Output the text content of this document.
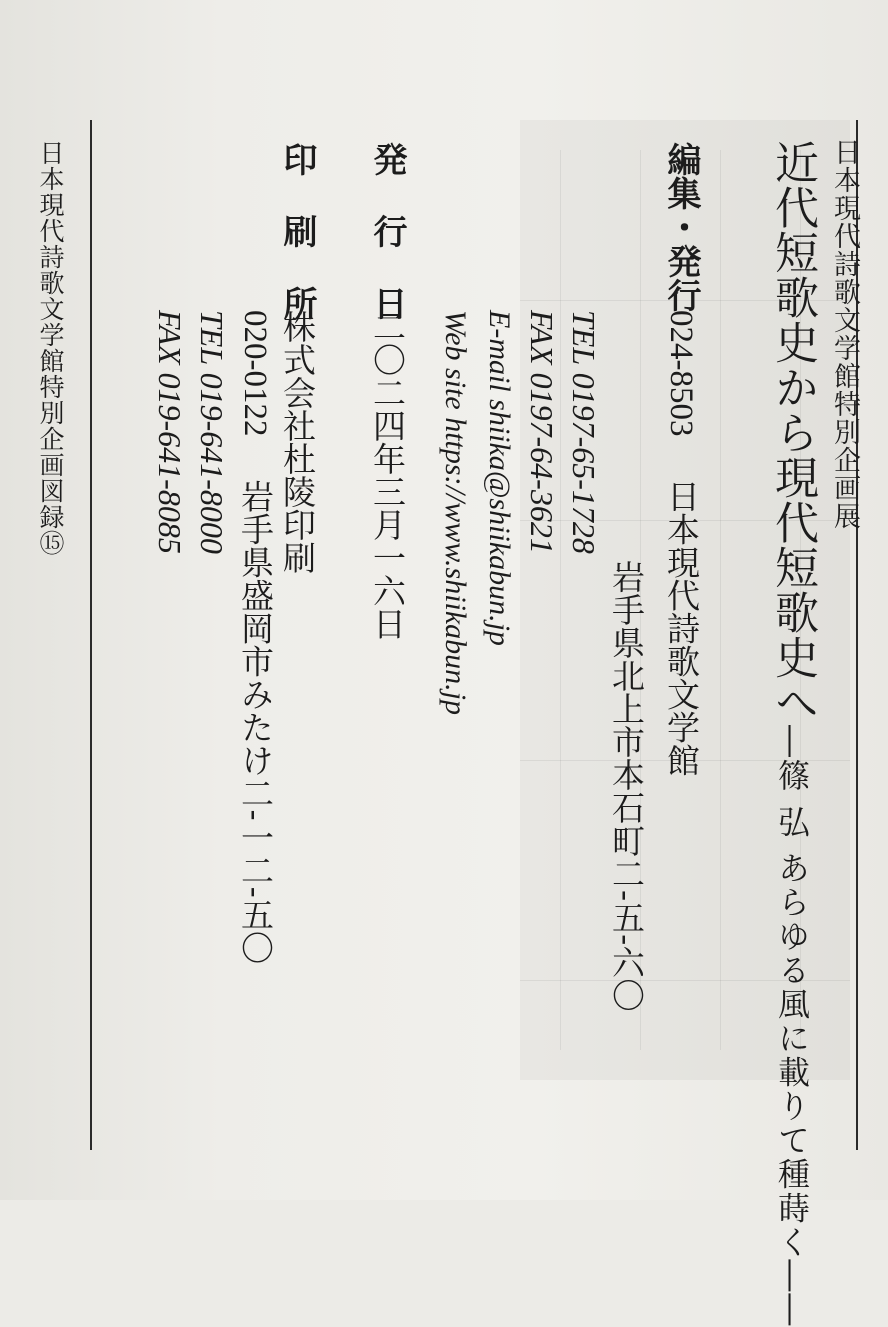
日本現代詩歌文学館特別企画展
近代短歌史から現代短歌史へ―篠 弘 あらゆる風に載りて種蒔く――
編集・発行
024-8503  日本現代詩歌文学館
岩手県北上市本石町二-五-六〇
TEL 0197-65-1728
FAX 0197-64-3621
E-mail shiika@shiikabun.jp
Web site https://www.shiikabun.jp
発行日
二〇二四年三月一六日
印刷所
株式会社杜陵印刷
020-0122  岩手県盛岡市みたけ二-一二-五〇
TEL 019-641-8000
FAX 019-641-8085
日本現代詩歌文学館特別企画図録⑮
